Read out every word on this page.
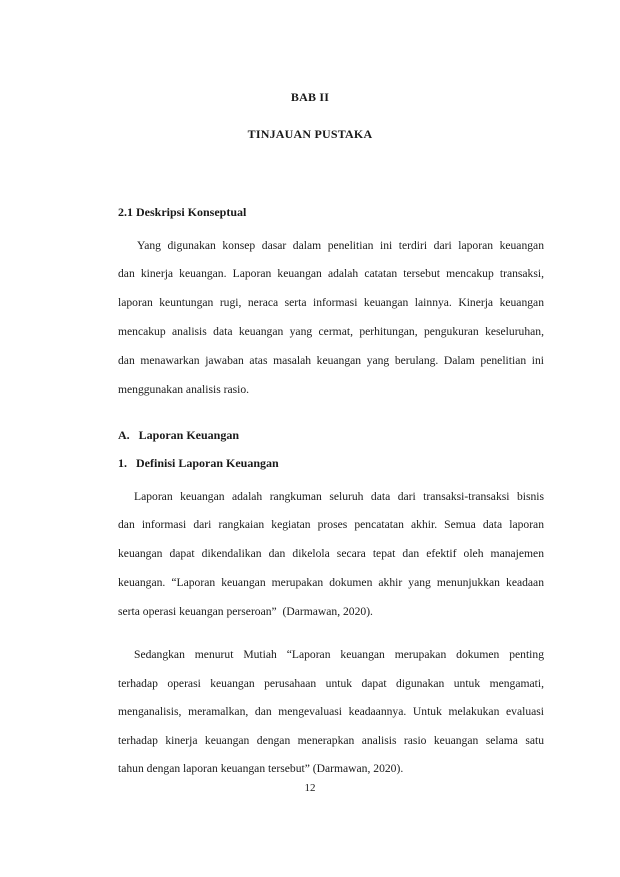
BAB II
TINJAUAN PUSTAKA
2.1 Deskripsi Konseptual
Yang digunakan konsep dasar dalam penelitian ini terdiri dari laporan keuangan
dan kinerja keuangan. Laporan keuangan adalah catatan tersebut mencakup transaksi,
laporan keuntungan rugi, neraca serta informasi keuangan lainnya. Kinerja keuangan
mencakup analisis data keuangan yang cermat, perhitungan, pengukuran keseluruhan,
dan menawarkan jawaban atas masalah keuangan yang berulang. Dalam penelitian ini
menggunakan analisis rasio.
A.   Laporan Keuangan
1.   Definisi Laporan Keuangan
Laporan keuangan adalah rangkuman seluruh data dari transaksi-transaksi bisnis
dan informasi dari rangkaian kegiatan proses pencatatan akhir. Semua data laporan
keuangan dapat dikendalikan dan dikelola secara tepat dan efektif oleh manajemen
keuangan. “Laporan keuangan merupakan dokumen akhir yang menunjukkan keadaan
serta operasi keuangan perseroan”  (Darmawan, 2020).
Sedangkan menurut Mutiah “Laporan keuangan merupakan dokumen penting
terhadap operasi keuangan perusahaan untuk dapat digunakan untuk mengamati,
menganalisis, meramalkan, dan mengevaluasi keadaannya. Untuk melakukan evaluasi
terhadap kinerja keuangan dengan menerapkan analisis rasio keuangan selama satu
tahun dengan laporan keuangan tersebut” (Darmawan, 2020).
12
